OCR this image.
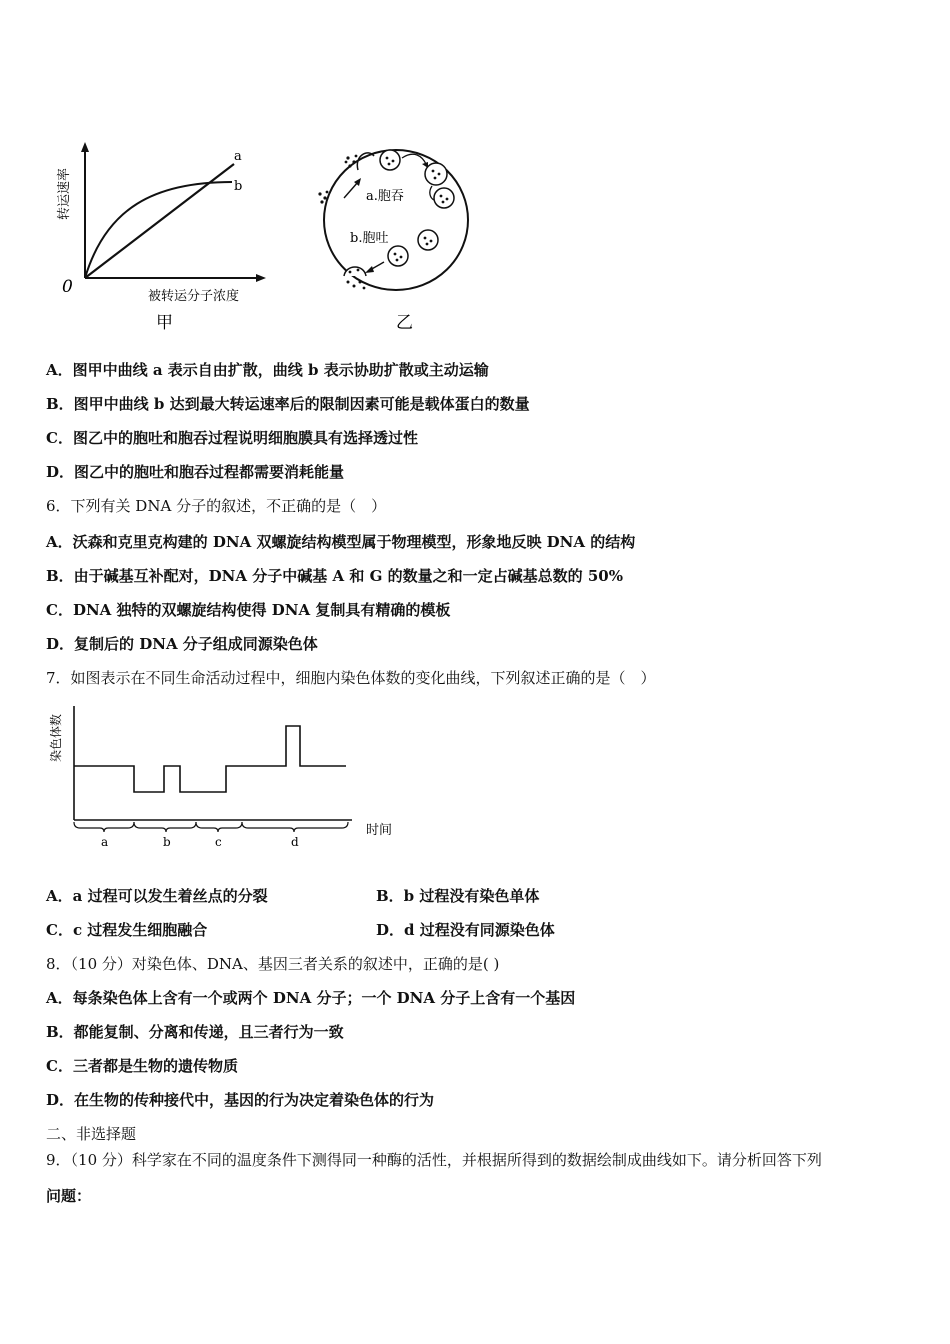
a
b
0
转运速率
被转运分子浓度
甲
a.胞吞
b.胞吐
乙
A．图甲中曲线 a 表示自由扩散，曲线 b 表示协助扩散或主动运输
B．图甲中曲线 b 达到最大转运速率后的限制因素可能是载体蛋白的数量
C．图乙中的胞吐和胞吞过程说明细胞膜具有选择透过性
D．图乙中的胞吐和胞吞过程都需要消耗能量
6．下列有关 DNA 分子的叙述，不正确的是（　）
A．沃森和克里克构建的 DNA 双螺旋结构模型属于物理模型，形象地反映 DNA 的结构
B．由于碱基互补配对，DNA 分子中碱基 A 和 G 的数量之和一定占碱基总数的 50%
C．DNA 独特的双螺旋结构使得 DNA 复制具有精确的模板
D．复制后的 DNA 分子组成同源染色体
7．如图表示在不同生命活动过程中，细胞内染色体数的变化曲线，下列叙述正确的是（　）
染色体数
a	b	c	d
时间
A．a 过程可以发生着丝点的分裂	B．b 过程没有染色单体
C．c 过程发生细胞融合	D．d 过程没有同源染色体
8．（10 分）对染色体、DNA、基因三者关系的叙述中，正确的是( )
A．每条染色体上含有一个或两个 DNA 分子；一个 DNA 分子上含有一个基因
B．都能复制、分离和传递，且三者行为一致
C．三者都是生物的遗传物质
D．在生物的传种接代中，基因的行为决定着染色体的行为
二、非选择题
9．（10 分）科学家在不同的温度条件下测得同一种酶的活性，并根据所得到的数据绘制成曲线如下。请分析回答下列
问题：
